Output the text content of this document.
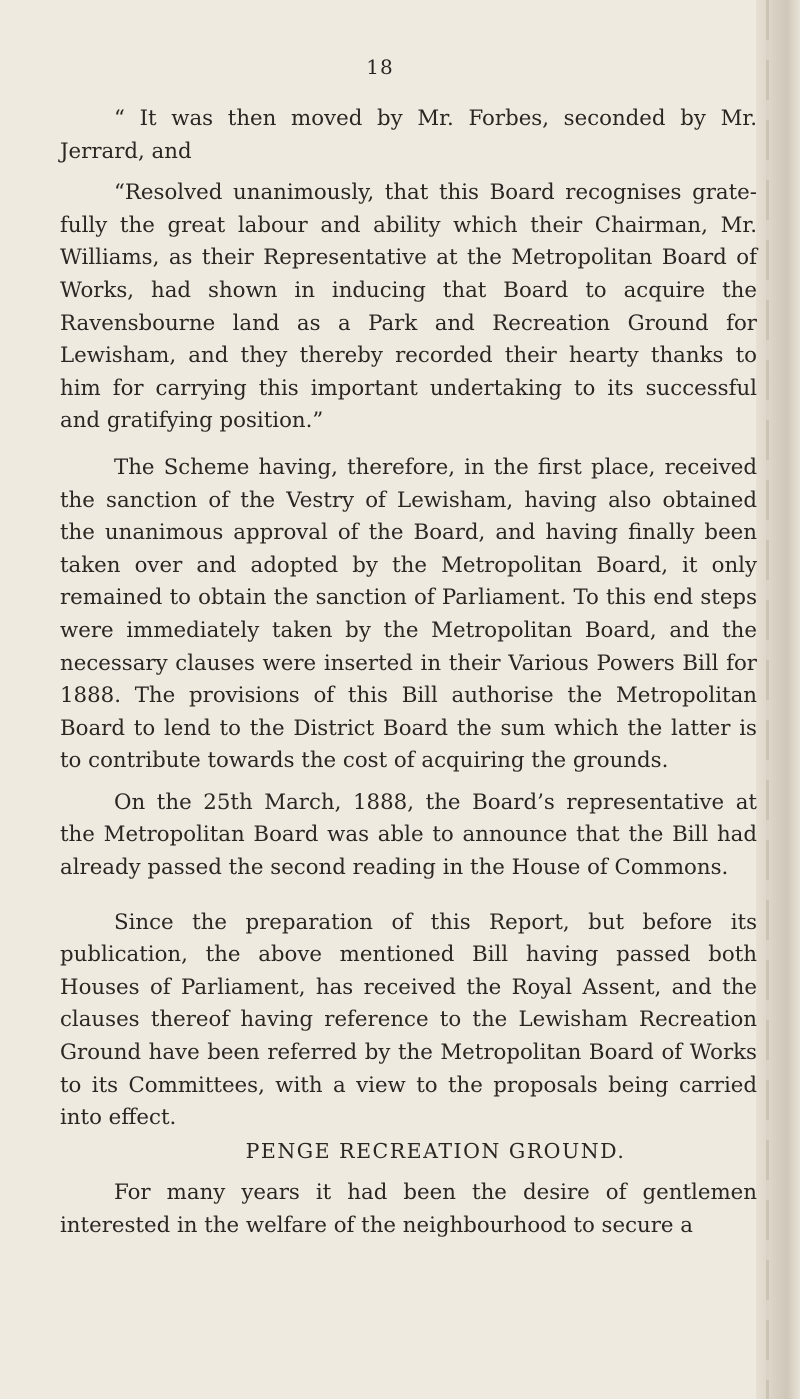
18

“ It was then moved by Mr. Forbes, seconded by Mr. Jerrard, and

“Resolved unanimously, that this Board recognises gratefully the great labour and ability which their Chairman, Mr. Williams, as their Representative at the Metropolitan Board of Works, had shown in inducing that Board to acquire the Ravensbourne land as a Park and Recreation Ground for Lewisham, and they thereby recorded their hearty thanks to him for carrying this important undertaking to its successful and gratifying position.”

The Scheme having, therefore, in the first place, received the sanction of the Vestry of Lewisham, having also obtained the unanimous approval of the Board, and having finally been taken over and adopted by the Metropolitan Board, it only remained to obtain the sanction of Parliament. To this end steps were immediately taken by the Metropolitan Board, and the necessary clauses were inserted in their Various Powers Bill for 1888. The provisions of this Bill authorise the Metropolitan Board to lend to the District Board the sum which the latter is to contribute towards the cost of acquiring the grounds.

On the 25th March, 1888, the Board’s representative at the Metropolitan Board was able to announce that the Bill had already passed the second reading in the House of Commons.

Since the preparation of this Report, but before its publication, the above mentioned Bill having passed both Houses of Parliament, has received the Royal Assent, and the clauses thereof having reference to the Lewisham Recreation Ground have been referred by the Metropolitan Board of Works to its Committees, with a view to the proposals being carried into effect.

PENGE RECREATION GROUND.

For many years it had been the desire of gentlemen interested in the welfare of the neighbourhood to secure a
